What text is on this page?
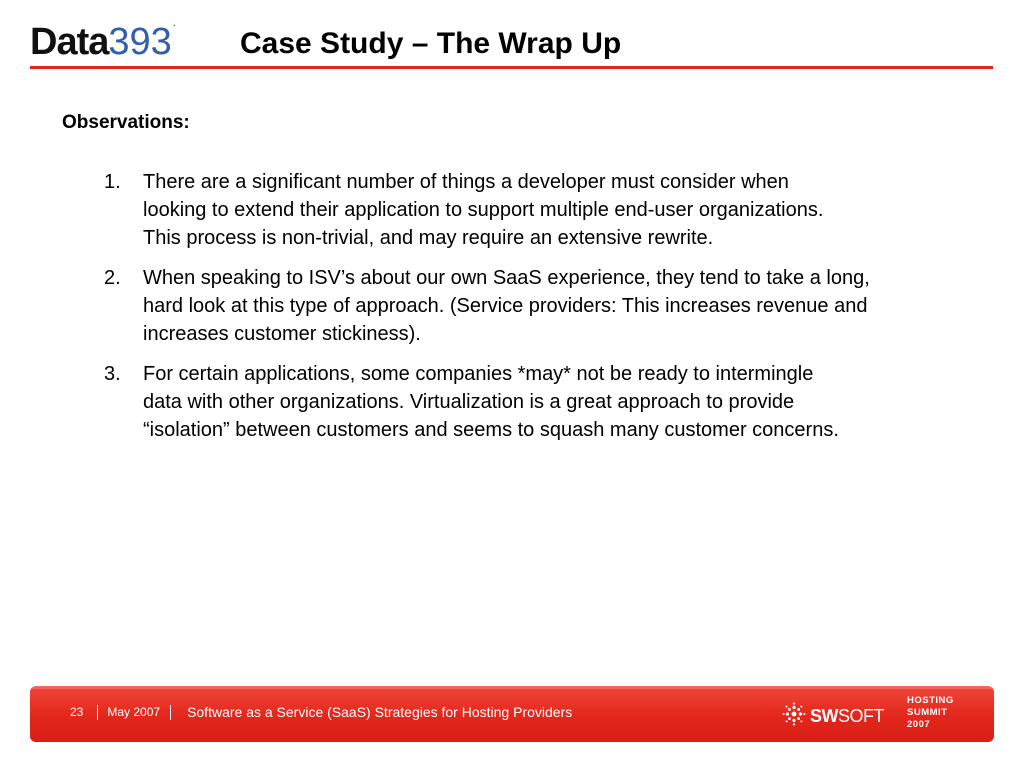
Data 393 ˙ Case Study – The Wrap Up
Observations:
1.	There are a significant number of things a developer must consider when
looking to extend their application to support multiple end-user organizations.
This process is non-trivial, and may require an extensive rewrite.
2.	When speaking to ISV’s about our own SaaS experience, they tend to take a long,
hard look at this type of approach. (Service providers: This increases revenue and
increases customer stickiness).
3.	For certain applications, some companies *may* not be ready to intermingle
data with other organizations. Virtualization is a great approach to provide
“isolation” between customers and seems to squash many customer concerns.
23 May 2007 Software as a Service (SaaS) Strategies for Hosting Providers	SWSOFT
HOSTING
SUMMIT
2007
